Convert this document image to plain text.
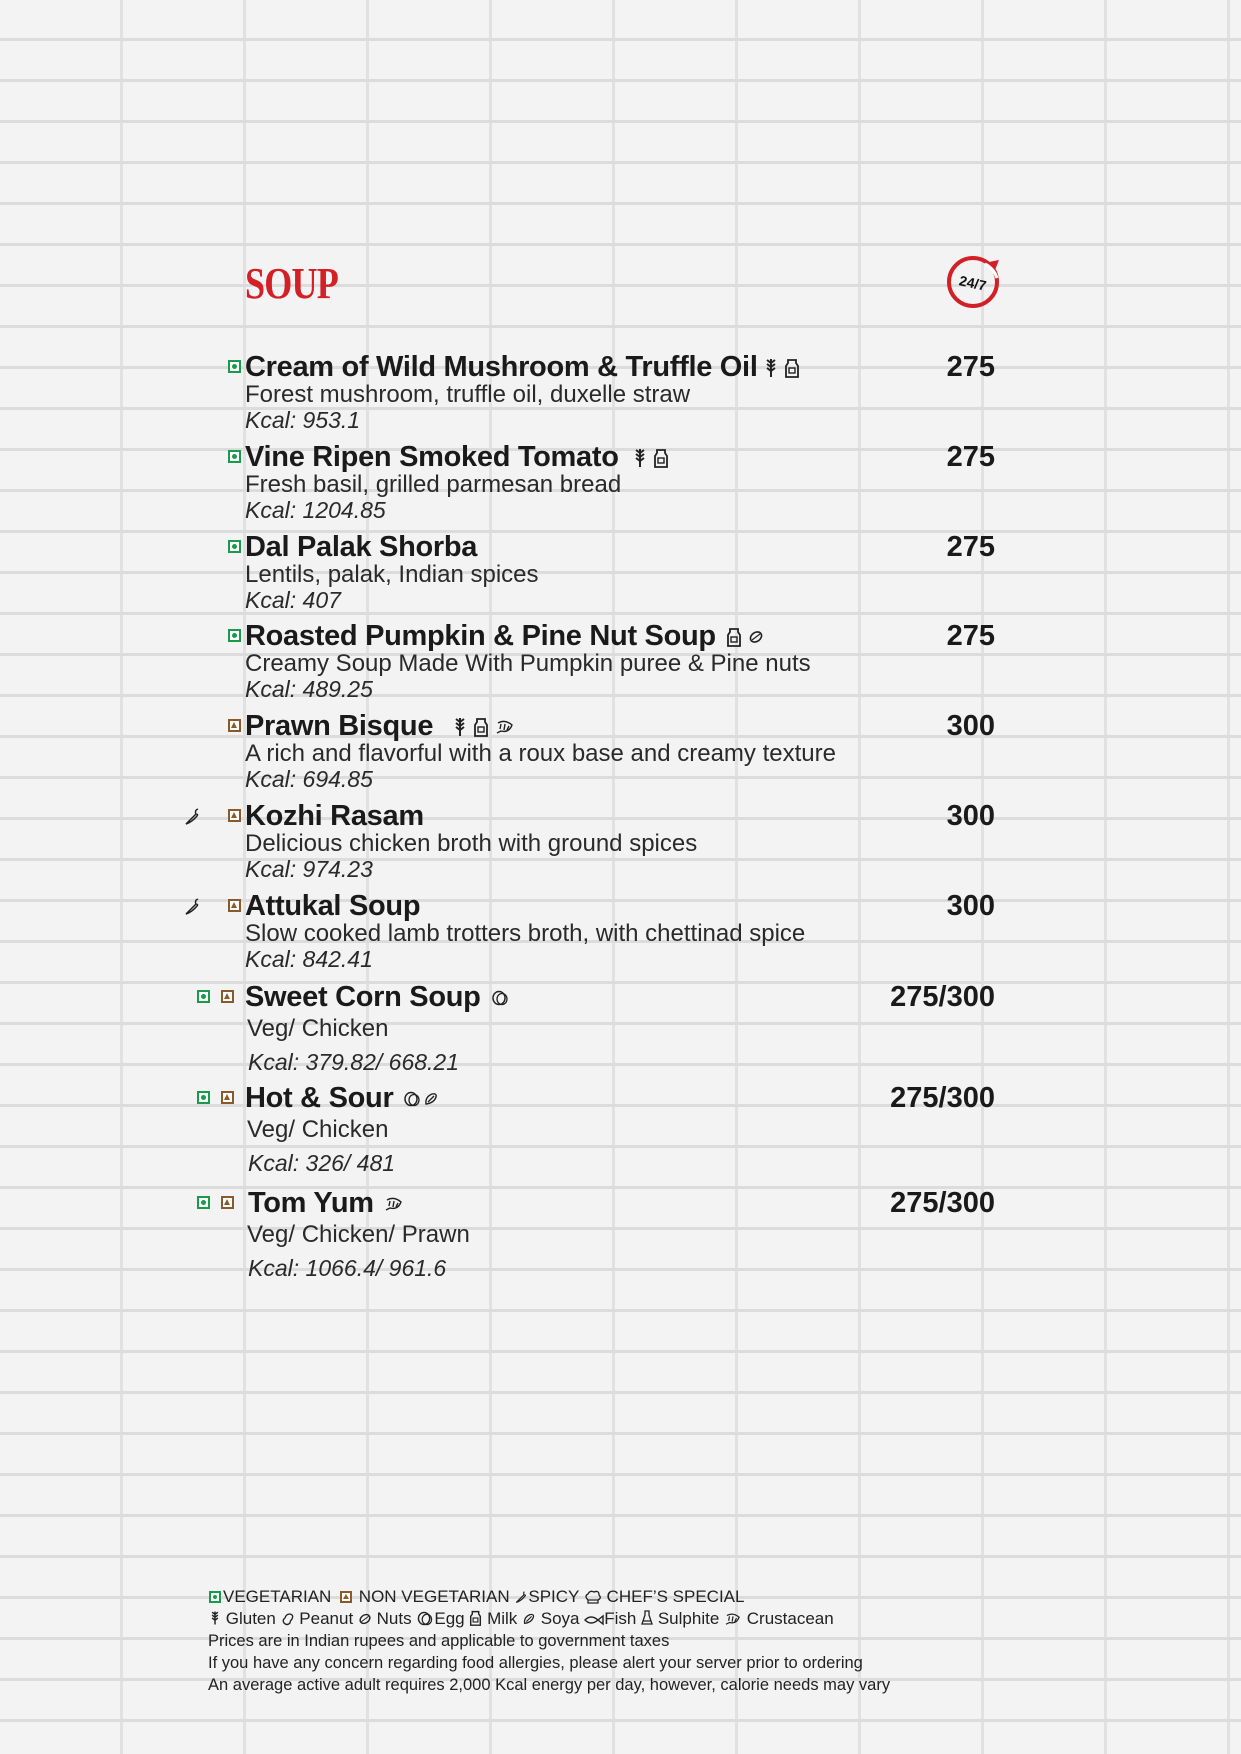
SOUP	24/7
Cream of Wild Mushroom & Truffle Oil	275
Forest mushroom, truffle oil, duxelle straw
Kcal: 953.1
Vine Ripen Smoked Tomato	275
Fresh basil, grilled parmesan bread
Kcal: 1204.85
Dal Palak Shorba	275
Lentils, palak, Indian spices
Kcal: 407
Roasted Pumpkin & Pine Nut Soup	275
Creamy Soup Made With Pumpkin puree & Pine nuts
Kcal: 489.25
Prawn Bisque	300
A rich and flavorful with a roux base and creamy texture
Kcal: 694.85
Kozhi Rasam	300
Delicious chicken broth with ground spices
Kcal: 974.23
Attukal Soup	300
Slow cooked lamb trotters broth, with chettinad spice
Kcal: 842.41
Sweet Corn Soup	275/300
Veg/ Chicken
Kcal: 379.82/ 668.21
Hot & Sour	275/300
Veg/ Chicken
Kcal: 326/ 481
Tom Yum	275/300
Veg/ Chicken/ Prawn
Kcal: 1066.4/ 961.6
VEGETARIAN NON VEGETARIAN SPICY CHEF’S SPECIAL
Gluten Peanut Nuts Egg Milk Soya Fish Sulphite Crustacean
Prices are in Indian rupees and applicable to government taxes
If you have any concern regarding food allergies, please alert your server prior to ordering
An average active adult requires 2,000 Kcal energy per day, however, calorie needs may vary
